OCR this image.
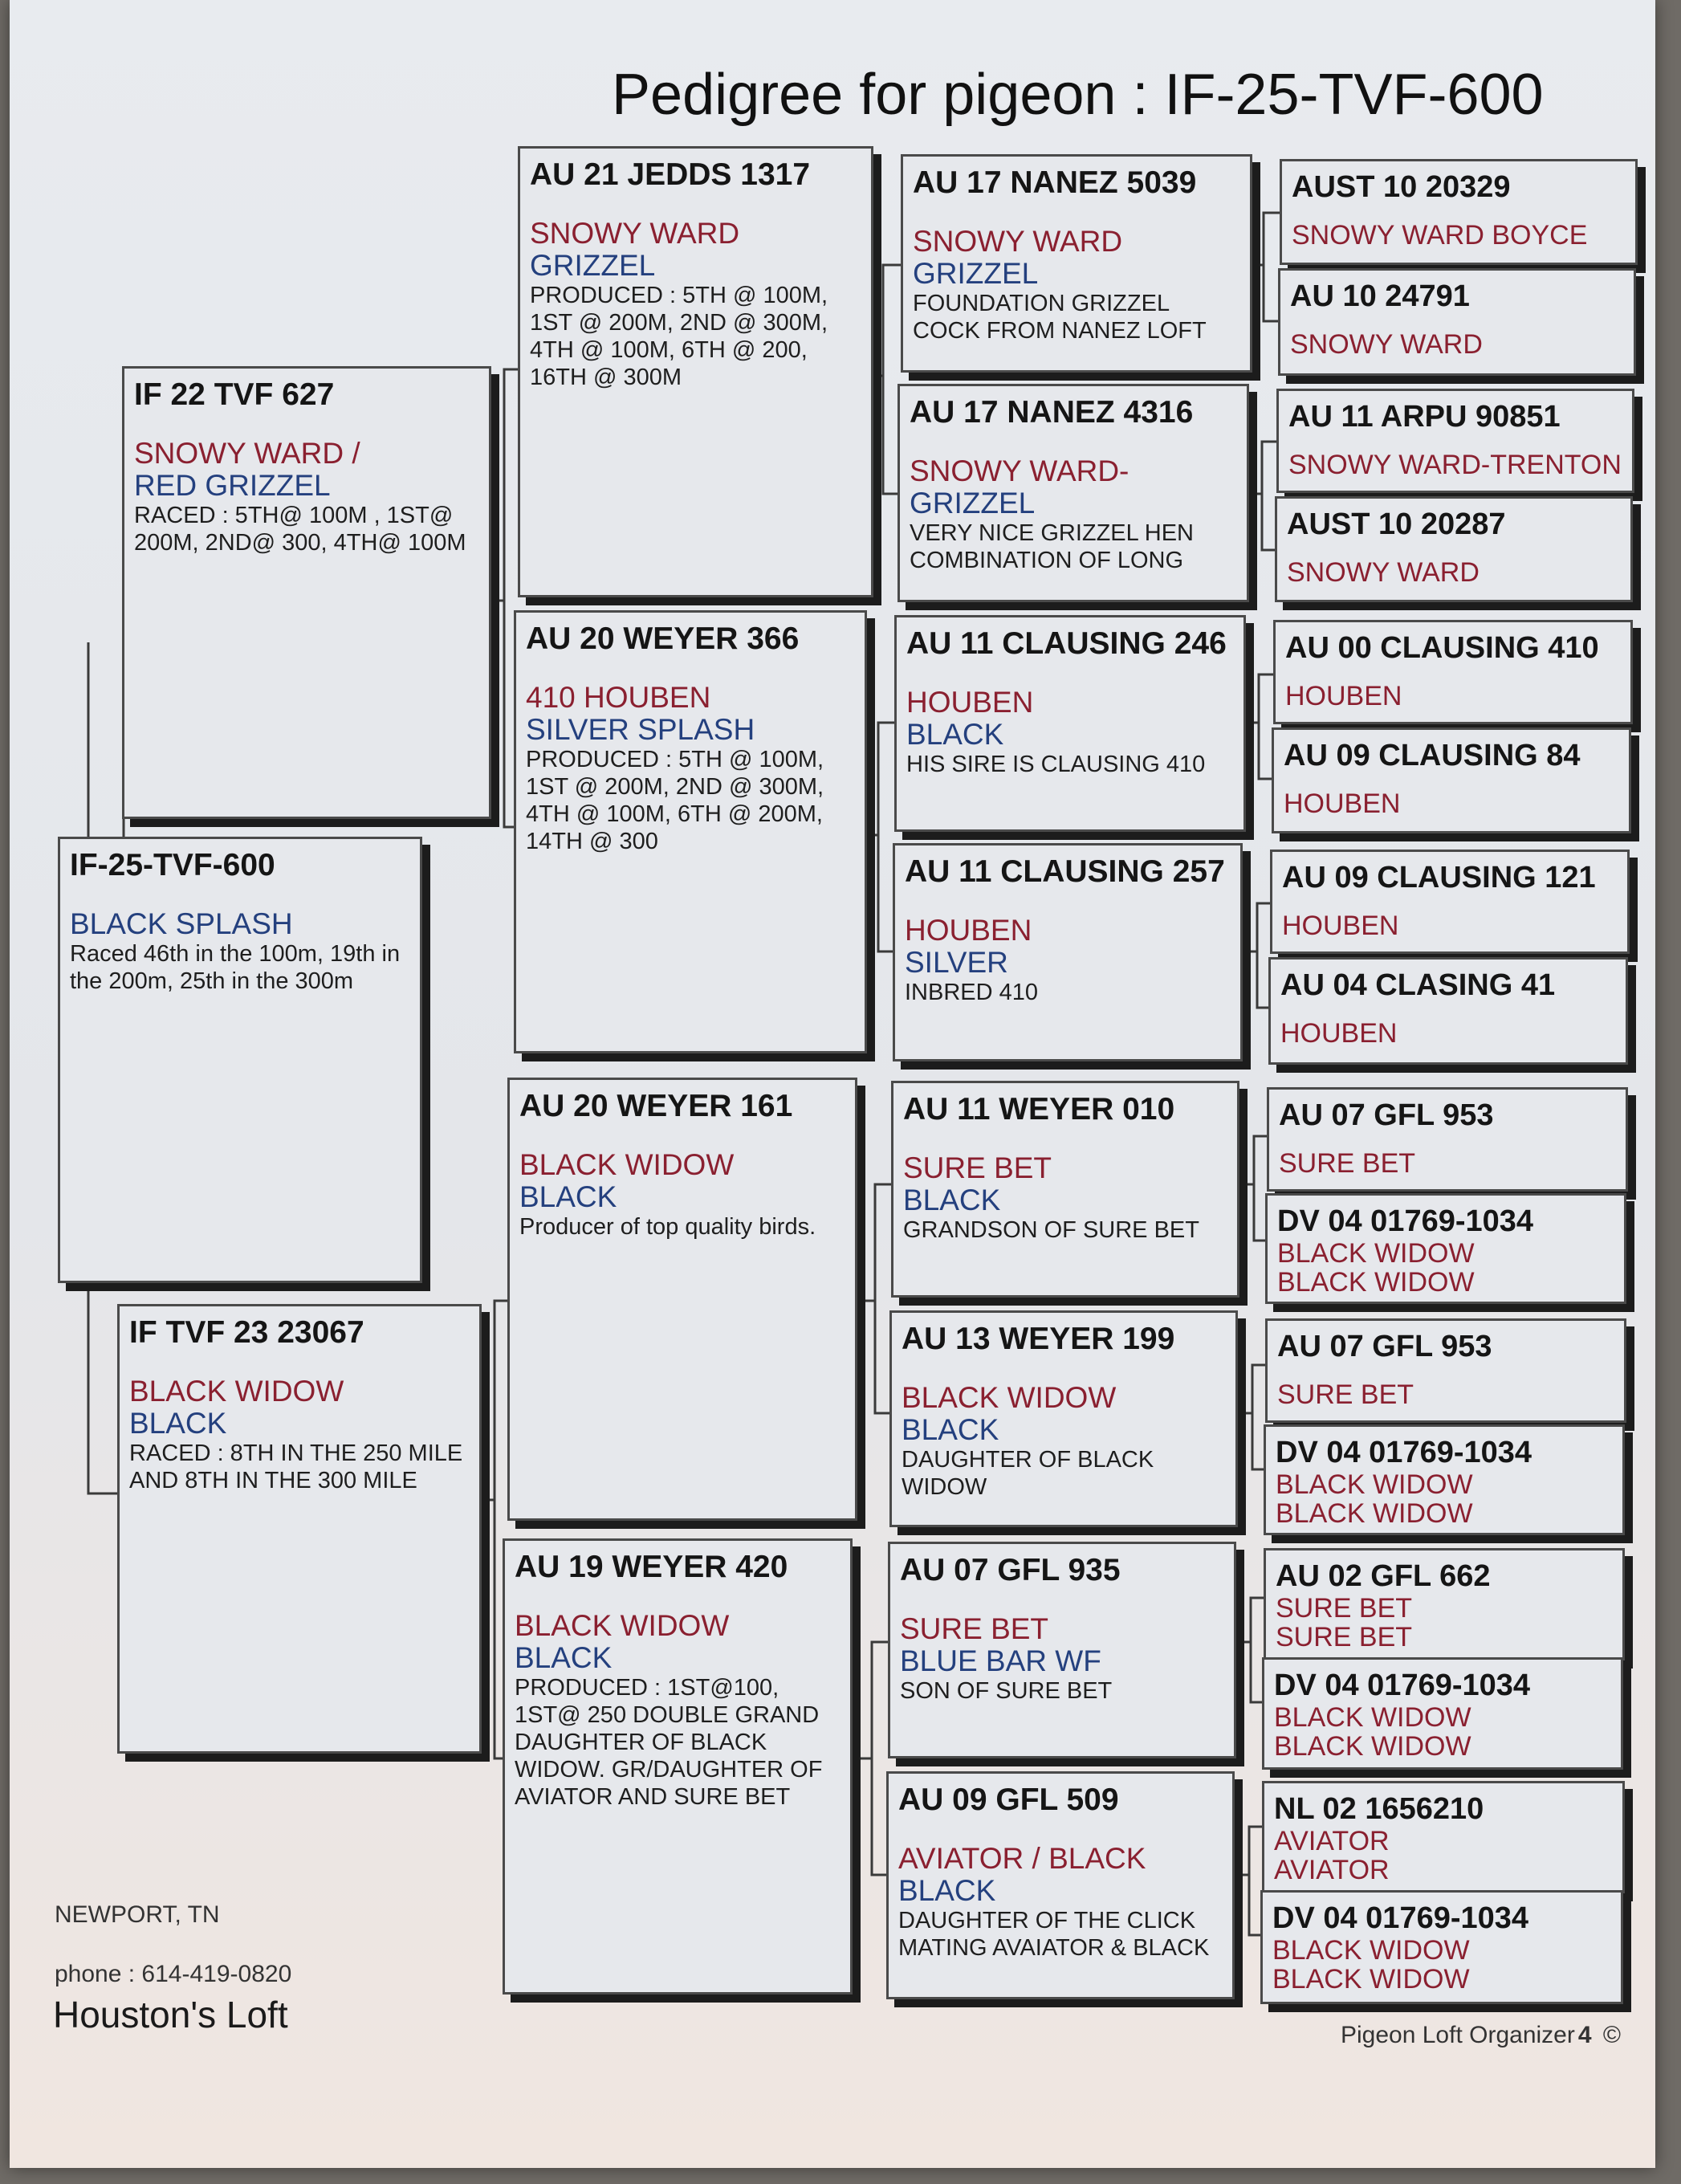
Pedigree for pigeon : IF-25-TVF-600
IF-25-TVF-600
BLACK SPLASH
Raced 46th in the 100m, 19th in the 200m, 25th in the 300m
IF 22 TVF 627
SNOWY WARD /
RED GRIZZEL
RACED : 5TH@ 100M , 1ST@ 200M, 2ND@ 300, 4TH@ 100M
IF TVF 23 23067
BLACK WIDOW
BLACK
RACED : 8TH IN THE 250 MILE AND 8TH IN THE 300 MILE
AU 21 JEDDS 1317
SNOWY WARD
GRIZZEL
PRODUCED : 5TH @ 100M, 1ST @ 200M, 2ND @ 300M, 4TH @ 100M, 6TH @ 200, 16TH @ 300M
AU 20 WEYER 366
410 HOUBEN
SILVER SPLASH
PRODUCED : 5TH @ 100M, 1ST @ 200M, 2ND @ 300M, 4TH @ 100M, 6TH @ 200M, 14TH @ 300
AU 20 WEYER 161
BLACK WIDOW
BLACK
Producer of top quality birds.
AU 19 WEYER 420
BLACK WIDOW
BLACK
PRODUCED : 1ST@100, 1ST@ 250 DOUBLE GRAND DAUGHTER OF BLACK WIDOW. GR/DAUGHTER OF AVIATOR AND SURE BET
AU 17 NANEZ 5039
SNOWY WARD
GRIZZEL
FOUNDATION GRIZZEL COCK FROM NANEZ LOFT
AU 17 NANEZ 4316
SNOWY WARD-
GRIZZEL
VERY NICE GRIZZEL HEN COMBINATION OF LONG
AU 11 CLAUSING 246
HOUBEN
BLACK
HIS SIRE IS CLAUSING 410
AU 11 CLAUSING 257
HOUBEN
SILVER
INBRED 410
AU 11 WEYER 010
SURE BET
BLACK
GRANDSON OF SURE BET
AU 13 WEYER 199
BLACK WIDOW
BLACK
DAUGHTER OF BLACK WIDOW
AU 07 GFL 935
SURE BET
BLUE BAR WF
SON OF SURE BET
AU 09 GFL 509
AVIATOR / BLACK
BLACK
DAUGHTER OF THE CLICK MATING AVAIATOR & BLACK
AUST 10 20329
SNOWY WARD BOYCE
AU 10 24791
SNOWY WARD
AU 11 ARPU 90851
SNOWY WARD-TRENTON
AUST 10 20287
SNOWY WARD
AU 00 CLAUSING 410
HOUBEN
AU 09 CLAUSING 84
HOUBEN
AU 09 CLAUSING 121
HOUBEN
AU 04 CLASING 41
HOUBEN
AU 07 GFL 953
SURE BET
DV 04 01769-1034
BLACK WIDOW
BLACK WIDOW
AU 07 GFL 953
SURE BET
DV 04 01769-1034
BLACK WIDOW
BLACK WIDOW
AU 02 GFL 662
SURE BET
SURE BET
DV 04 01769-1034
BLACK WIDOW
BLACK WIDOW
NL 02 1656210
AVIATOR
AVIATOR
DV 04 01769-1034
BLACK WIDOW
BLACK WIDOW
NEWPORT, TN
phone : 614-419-0820
Houston's Loft	Pigeon Loft Organizer 4 ©
